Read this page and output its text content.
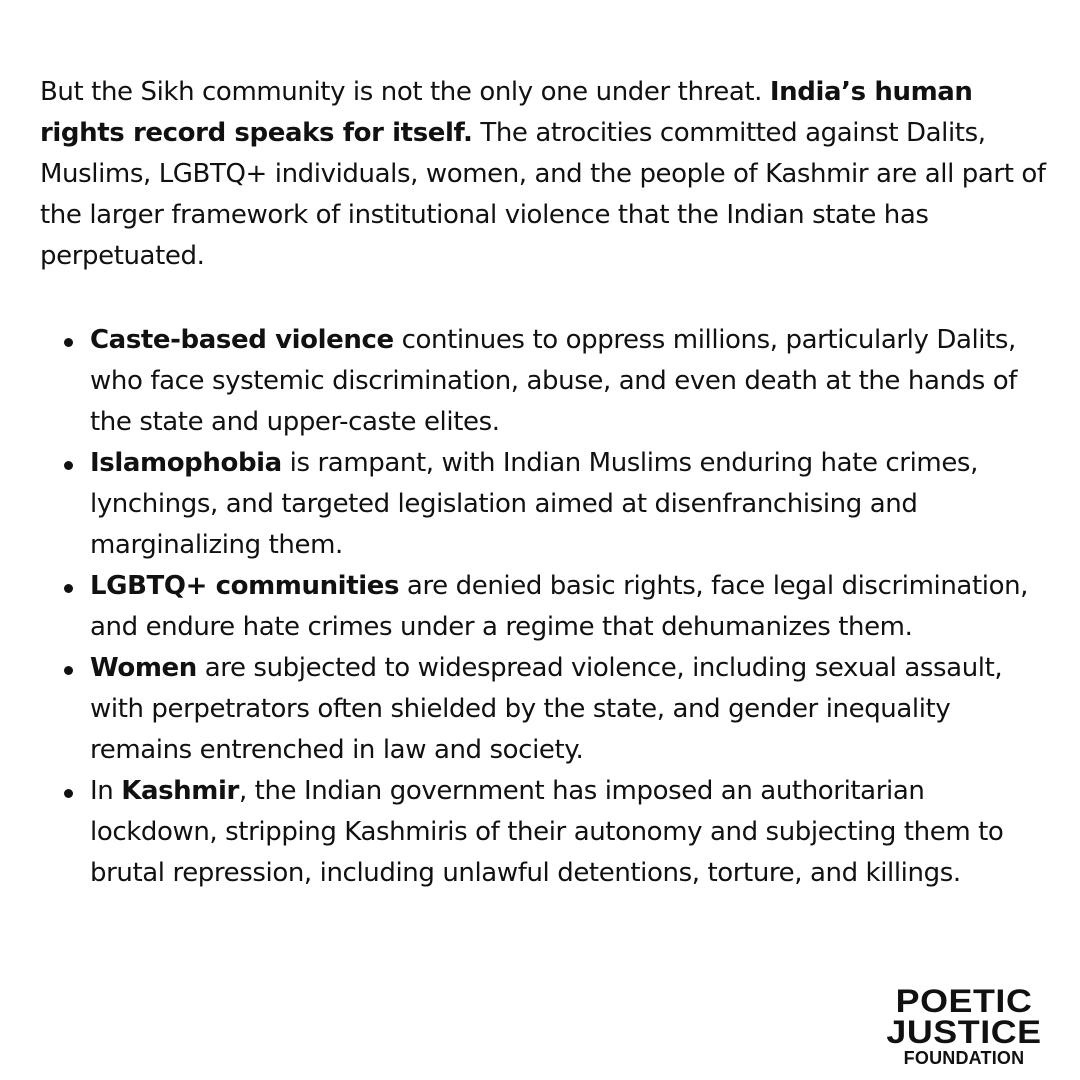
But the Sikh community is not the only one under threat. India’s human rights record speaks for itself. The atrocities committed against Dalits, Muslims, LGBTQ+ individuals, women, and the people of Kashmir are all part of the larger framework of institutional violence that the Indian state has perpetuated.

Caste-based violence continues to oppress millions, particularly Dalits, who face systemic discrimination, abuse, and even death at the hands of the state and upper-caste elites.
Islamophobia is rampant, with Indian Muslims enduring hate crimes, lynchings, and targeted legislation aimed at disenfranchising and marginalizing them.
LGBTQ+ communities are denied basic rights, face legal discrimination, and endure hate crimes under a regime that dehumanizes them.
Women are subjected to widespread violence, including sexual assault, with perpetrators often shielded by the state, and gender inequality remains entrenched in law and society.
In Kashmir, the Indian government has imposed an authoritarian lockdown, stripping Kashmiris of their autonomy and subjecting them to brutal repression, including unlawful detentions, torture, and killings.
POETIC
JUSTICE
FOUNDATION
